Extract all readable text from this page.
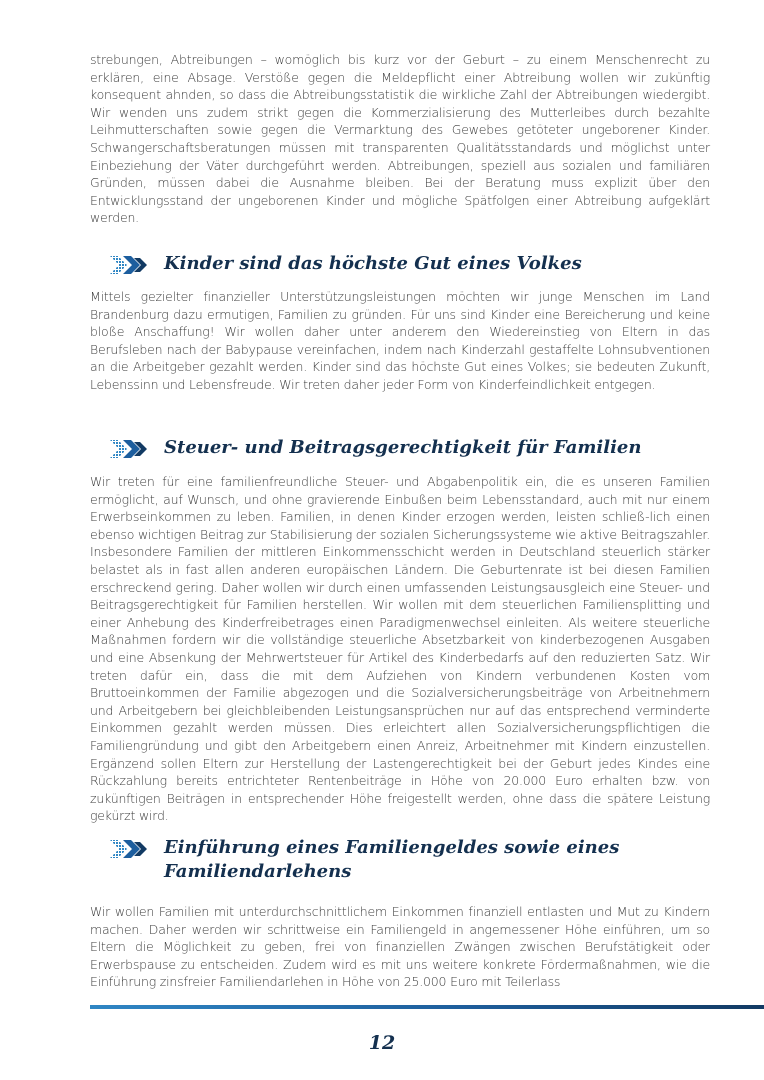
strebungen, Abtreibungen – womöglich bis kurz vor der Geburt – zu einem Menschenrecht zu erklären, eine Absage. Verstöße gegen die Meldepflicht einer Abtreibung wollen wir zukünftig konsequent ahnden, so dass die Abtreibungsstatistik die wirkliche Zahl der Abtreibungen wiedergibt. Wir wenden uns zudem strikt gegen die Kommerzialisierung des Mutterleibes durch bezahlte Leihmutterschaften sowie gegen die Vermarktung des Gewebes getöteter ungeborener Kinder. Schwangerschaftsberatungen müssen mit transparenten Qualitätsstandards und möglichst unter Einbeziehung der Väter durchgeführt werden. Abtreibungen, speziell aus sozialen und familiären Gründen, müssen dabei die Ausnahme bleiben. Bei der Beratung muss explizit über den Entwicklungsstand der ungeborenen Kinder und mögliche Spätfolgen einer Abtreibung aufgeklärt werden.
Kinder sind das höchste Gut eines Volkes
Mittels gezielter finanzieller Unterstützungsleistungen möchten wir junge Menschen im Land Brandenburg dazu ermutigen, Familien zu gründen. Für uns sind Kinder eine Bereicherung und keine bloße Anschaffung! Wir wollen daher unter anderem den Wiedereinstieg von Eltern in das Berufsleben nach der Babypause vereinfachen, indem nach Kinderzahl gestaffelte Lohnsubventionen an die Arbeitgeber gezahlt werden. Kinder sind das höchste Gut eines Volkes; sie bedeuten Zukunft, Lebenssinn und Lebensfreude. Wir treten daher jeder Form von Kinderfeindlichkeit entgegen.
Steuer- und Beitragsgerechtigkeit für Familien
Wir treten für eine familienfreundliche Steuer- und Abgabenpolitik ein, die es unseren Familien ermöglicht, auf Wunsch, und ohne gravierende Einbußen beim Lebensstandard, auch mit nur einem Erwerbseinkommen zu leben. Familien, in denen Kinder erzogen werden, leisten schließ-lich einen ebenso wichtigen Beitrag zur Stabilisierung der sozialen Sicherungssysteme wie aktive Beitragszahler. Insbesondere Familien der mittleren Einkommensschicht werden in Deutschland steuerlich stärker belastet als in fast allen anderen europäischen Ländern. Die Geburtenrate ist bei diesen Familien erschreckend gering. Daher wollen wir durch einen umfassenden Leistungsausgleich eine Steuer- und Beitragsgerechtigkeit für Familien herstellen. Wir wollen mit dem steuerlichen Familiensplitting und einer Anhebung des Kinderfreibetrages einen Paradigmenwechsel einleiten. Als weitere steuerliche Maßnahmen fordern wir die vollständige steuerliche Absetzbarkeit von kinderbezogenen Ausgaben und eine Absenkung der Mehrwertsteuer für Artikel des Kinderbedarfs auf den reduzierten Satz. Wir treten dafür ein, dass die mit dem Aufziehen von Kindern verbundenen Kosten vom Bruttoeinkommen der Familie abgezogen und die Sozialversicherungsbeiträge von Arbeitnehmern und Arbeitgebern bei gleichbleibenden Leistungsansprüchen nur auf das entsprechend verminderte Einkommen gezahlt werden müssen. Dies erleichtert allen Sozialversicherungspflichtigen die Familiengründung und gibt den Arbeitgebern einen Anreiz, Arbeitnehmer mit Kindern einzustellen. Ergänzend sollen Eltern zur Herstellung der Lastengerechtigkeit bei der Geburt jedes Kindes eine Rückzahlung bereits entrichteter Rentenbeiträge in Höhe von 20.000 Euro erhalten bzw. von zukünftigen Beiträgen in entsprechender Höhe freigestellt werden, ohne dass die spätere Leistung gekürzt wird.
Einführung eines Familiengeldes sowie eines Familiendarlehens
Wir wollen Familien mit unterdurchschnittlichem Einkommen finanziell entlasten und Mut zu Kindern machen. Daher werden wir schrittweise ein Familiengeld in angemessener Höhe einführen, um so Eltern die Möglichkeit zu geben, frei von finanziellen Zwängen zwischen Berufstätigkeit oder Erwerbspause zu entscheiden. Zudem wird es mit uns weitere konkrete Fördermaßnahmen, wie die Einführung zinsfreier Familiendarlehen in Höhe von 25.000 Euro mit Teilerlass
12
